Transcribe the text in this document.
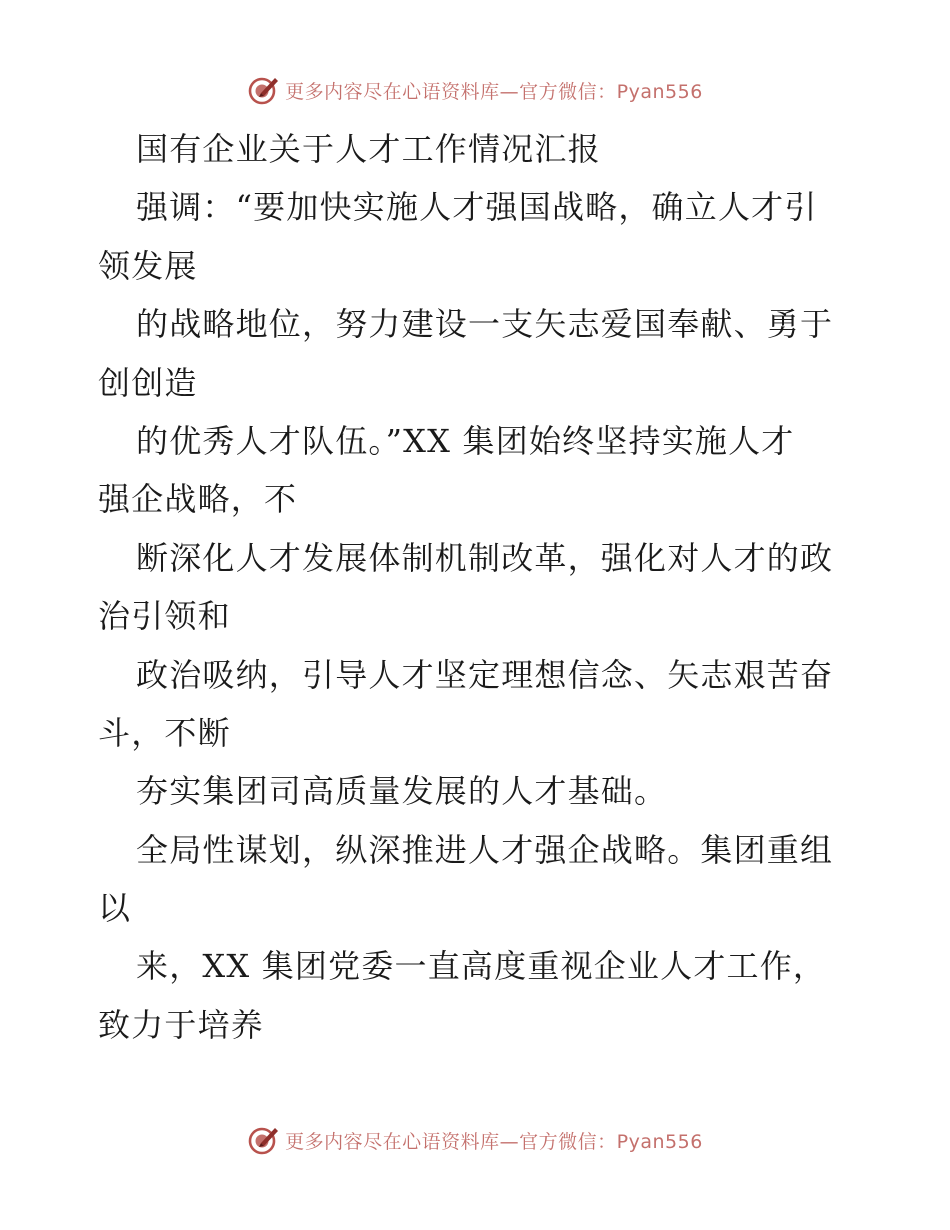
更多内容尽在心语资料库—官方微信：Pyan556
国有企业关于人才工作情况汇报
强调：“要加快实施人才强国战略，确立人才引
领发展
的战略地位，努力建设一支矢志爱国奉献、勇于
创创造
的优秀人才队伍。”XX 集团始终坚持实施人才
强企战略，不
断深化人才发展体制机制改革，强化对人才的政
治引领和
政治吸纳，引导人才坚定理想信念、矢志艰苦奋
斗，不断
夯实集团司高质量发展的人才基础。
全局性谋划，纵深推进人才强企战略。集团重组
以
来，XX 集团党委一直高度重视企业人才工作，
致力于培养
更多内容尽在心语资料库—官方微信：Pyan556
